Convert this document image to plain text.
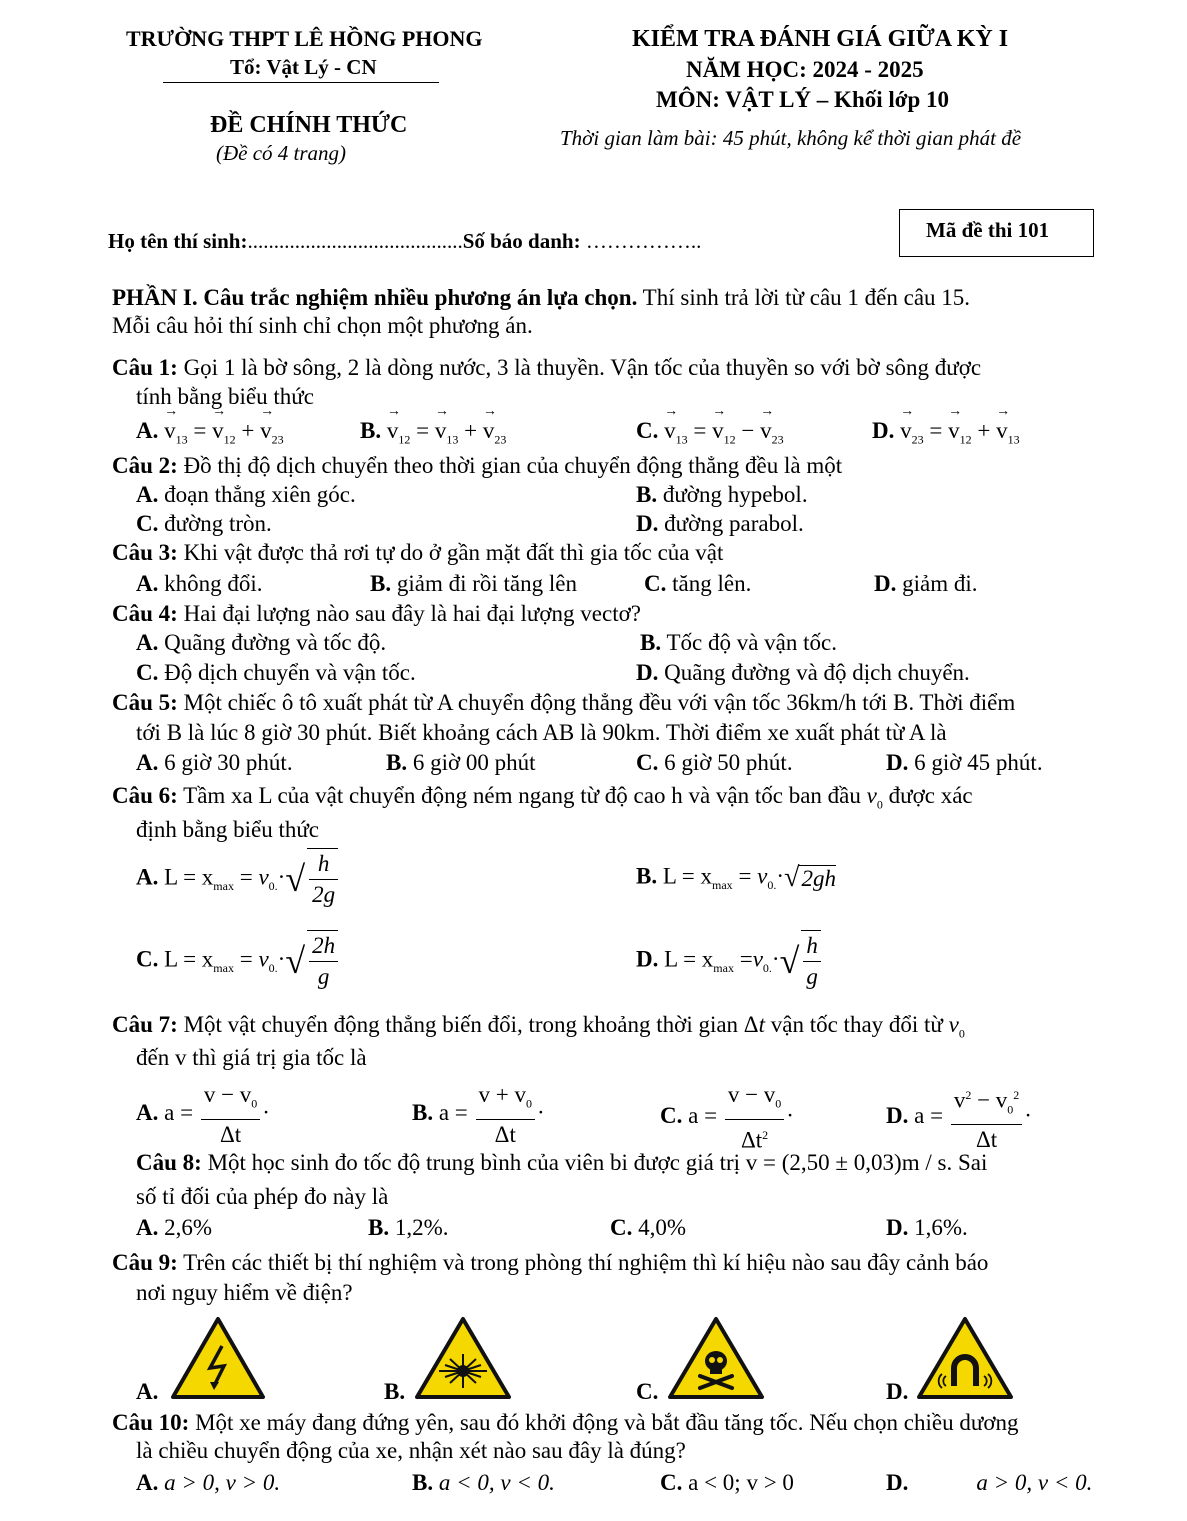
TRƯỜNG THPT LÊ HỒNG PHONG
Tổ: Vật Lý - CN
ĐỀ CHÍNH THỨC
(Đề có 4 trang)
KIỂM TRA ĐÁNH GIÁ GIỮA KỲ I
NĂM HỌC: 2024 - 2025
MÔN: VẬT LÝ – Khối lớp 10
Thời gian làm bài: 45 phút, không kể thời gian phát đề
Họ tên thí sinh:.........................................Số báo danh: ……………..	Mã đề thi 101
PHẦN I. Câu trắc nghiệm nhiều phương án lựa chọn. Thí sinh trả lời từ câu 1 đến câu 15.
Mỗi câu hỏi thí sinh chỉ chọn một phương án.
Câu 1: Gọi 1 là bờ sông, 2 là dòng nước, 3 là thuyền. Vận tốc của thuyền so với bờ sông được
tính bằng biểu thức
A. → $v_{13}$ = → $v_{12}$ + → $v_{23}$	B. → $v_{12}$ = → $v_{13}$ + → $v_{23}$	C. → $v_{13}$ = → $v_{12}$ − → $v_{23}$	D. → $v_{23}$ = → $v_{12}$ + → $v_{13}$
Câu 2: Đồ thị độ dịch chuyển theo thời gian của chuyển động thẳng đều là một
A. đoạn thẳng xiên góc.	B. đường hypebol.
C. đường tròn.	D. đường parabol.
Câu 3: Khi vật được thả rơi tự do ở gần mặt đất thì gia tốc của vật
A. không đổi.	B. giảm đi rồi tăng lên	C. tăng lên.	D. giảm đi.
Câu 4: Hai đại lượng nào sau đây là hai đại lượng vectơ?
A. Quãng đường và tốc độ.	B. Tốc độ và vận tốc.
C. Độ dịch chuyển và vận tốc.	D. Quãng đường và độ dịch chuyển.
Câu 5: Một chiếc ô tô xuất phát từ A chuyển động thẳng đều với vận tốc 36km/h tới B. Thời điểm
tới B là lúc 8 giờ 30 phút. Biết khoảng cách AB là 90km. Thời điểm xe xuất phát từ A là
A. 6 giờ 30 phút.	B. 6 giờ 00 phút	C. 6 giờ 50 phút.	D. 6 giờ 45 phút.
Câu 6: Tầm xa L của vật chuyển động ném ngang từ độ cao h và vận tốc ban đầu $v_0$ được xác
định bằng biểu thức
A. $L = x_{max} = v_{0.}\cdot√ \frac{h}{2g}$	B. $L = x_{max} = v_{0.}\cdot√2gh$
C. $L = x_{max} = v_{0.}\cdot√ \frac{2h}{g}$	D. $L = x_{max} =v_{0.}\cdot√ \frac{h}{g}$
Câu 7: Một vật chuyển động thẳng biến đổi, trong khoảng thời gian Δt vận tốc thay đổi từ $v_0$
đến v thì giá trị gia tốc là
A. $a = \frac{v - v_0}{\Delta t}$ ·	B. $a = \frac{v + v_0}{\Delta t}$ ·	C. $a = \frac{v - v_0}{\Delta t^2}$ ·	D. $a = \frac{v^2 - v_0^2}{\Delta t}$ ·
Câu 8: Một học sinh đo tốc độ trung bình của viên bi được giá trị v = (2,50 ± 0,03)m / s. Sai
số tỉ đối của phép đo này là
A. 2,6%	B. 1,2%.	C. 4,0%	D. 1,6%.
Câu 9: Trên các thiết bị thí nghiệm và trong phòng thí nghiệm thì kí hiệu nào sau đây cảnh báo
nơi nguy hiểm về điện?
A.	B.	C.	D.
Câu 10: Một xe máy đang đứng yên, sau đó khởi động và bắt đầu tăng tốc. Nếu chọn chiều dương
là chiều chuyển động của xe, nhận xét nào sau đây là đúng?
A. a > 0, v > 0.	B. a < 0, v < 0.	C. a < 0; v > 0	D.	a > 0, v < 0.
